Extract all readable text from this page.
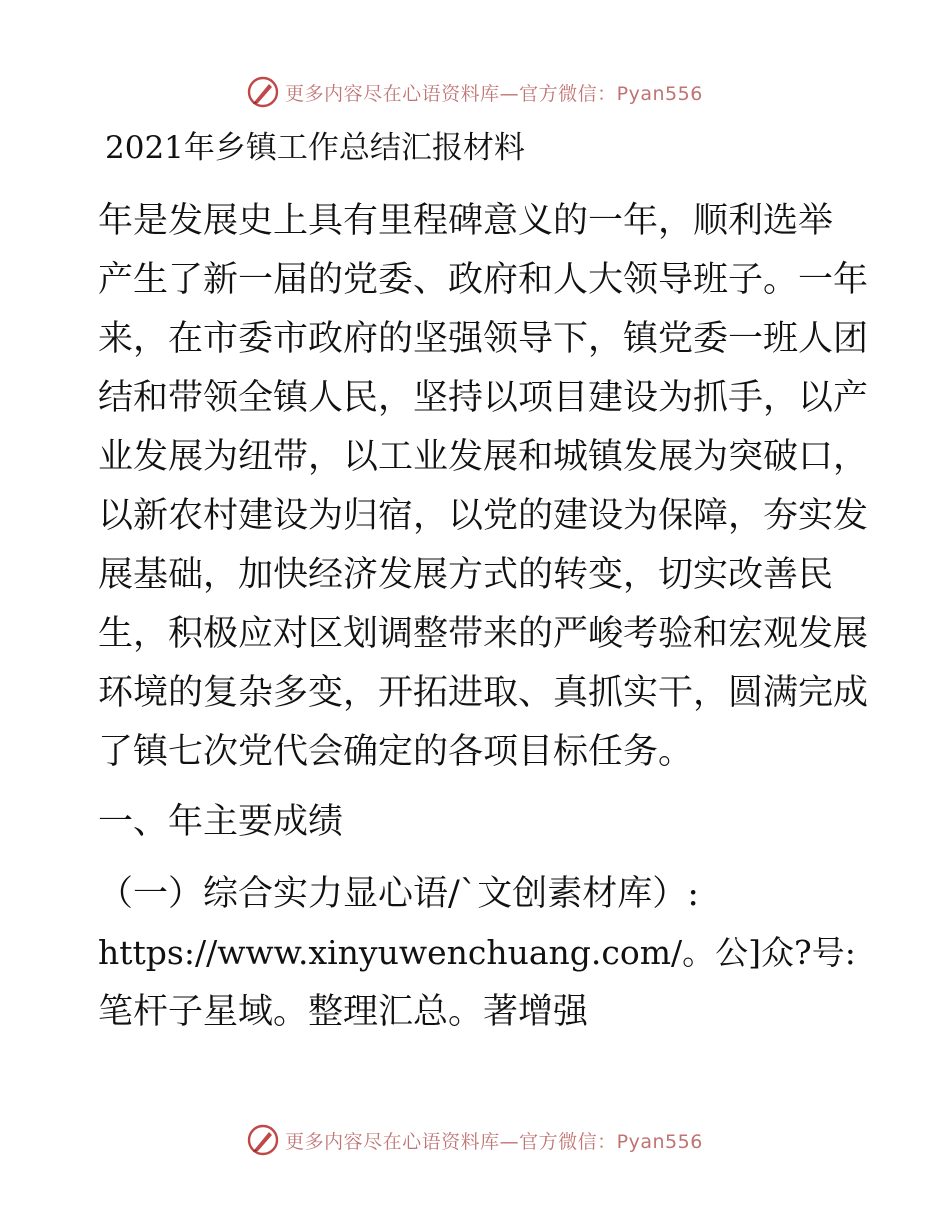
更多内容尽在心语资料库—官方微信：Pyan556
2021年乡镇工作总结汇报材料

年是发展史上具有里程碑意义的一年，顺利选举

产生了新一届的党委、政府和人大领导班子。一年

来，在市委市政府的坚强领导下，镇党委一班人团

结和带领全镇人民，坚持以项目建设为抓手，以产

业发展为纽带，以工业发展和城镇发展为突破口，

以新农村建设为归宿，以党的建设为保障，夯实发

展基础，加快经济发展方式的转变，切实改善民

生，积极应对区划调整带来的严峻考验和宏观发展

环境的复杂多变，开拓进取、真抓实干，圆满完成

了镇七次党代会确定的各项目标任务。

一、年主要成绩

（一）综合实力显心语/`文创素材库）:

https://www.xinyuwenchuang.com/。公]众?号:

笔杆子星域。整理汇总。著增强

更多内容尽在心语资料库—官方微信：Pyan556
